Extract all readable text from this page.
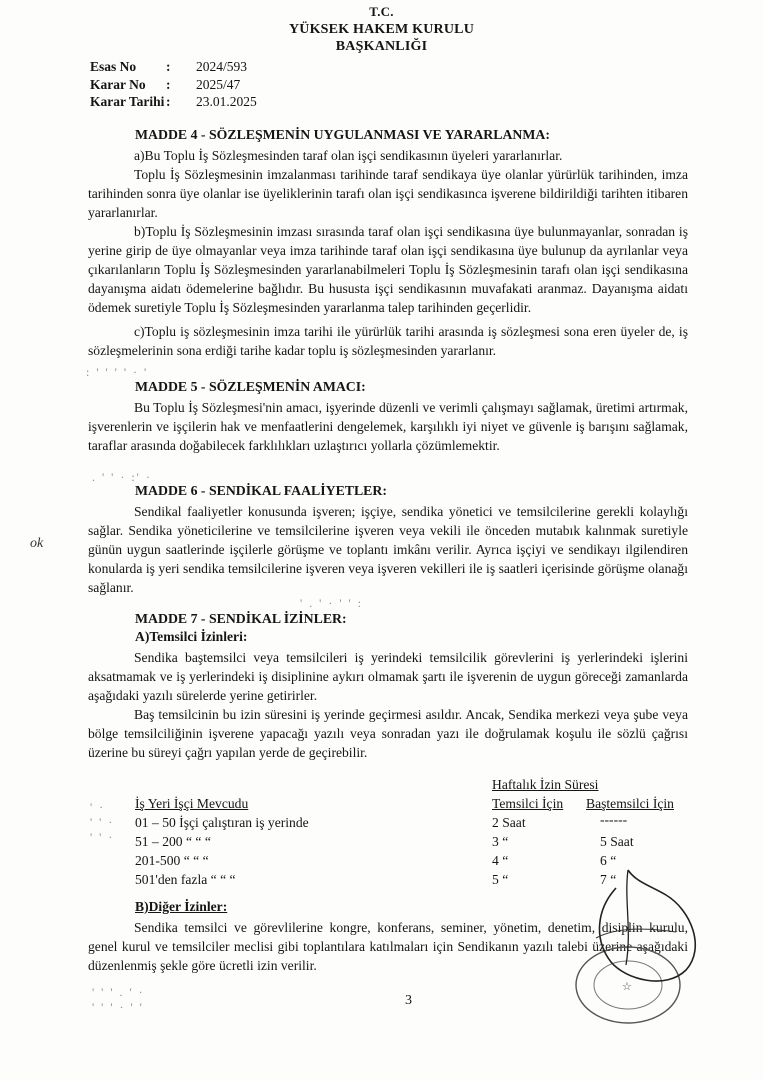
T.C.
YÜKSEK HAKEM KURULU
BAŞKANLIĞI
Esas No : 2024/593
Karar No : 2025/47
Karar Tarihi : 23.01.2025
MADDE 4 - SÖZLEŞMENİN UYGULANMASI VE YARARLANMA:
a)Bu Toplu İş Sözleşmesinden taraf olan işçi sendikasının üyeleri yararlanırlar.
Toplu İş Sözleşmesinin imzalanması tarihinde taraf sendikaya üye olanlar yürürlük tarihinden, imza tarihinden sonra üye olanlar ise üyeliklerinin tarafı olan işçi sendikasınca işverene bildirildiği tarihten itibaren yararlanırlar.
b)Toplu İş Sözleşmesinin imzası sırasında taraf olan işçi sendikasına üye bulunmayanlar, sonradan iş yerine girip de üye olmayanlar veya imza tarihinde taraf olan işçi sendikasına üye bulunup da ayrılanlar veya çıkarılanların Toplu İş Sözleşmesinden yararlanabilmeleri Toplu İş Sözleşmesinin tarafı olan işçi sendikasına dayanışma aidatı ödemelerine bağlıdır. Bu hususta işçi sendikasının muvafakati aranmaz. Dayanışma aidatı ödemek suretiyle Toplu İş Sözleşmesinden yararlanma talep tarihinden geçerlidir.
c)Toplu iş sözleşmesinin imza tarihi ile yürürlük tarihi arasında iş sözleşmesi sona eren üyeler de, iş sözleşmelerinin sona erdiği tarihe kadar toplu iş sözleşmesinden yararlanır.
MADDE 5 - SÖZLEŞMENİN AMACI:
Bu Toplu İş Sözleşmesi'nin amacı, işyerinde düzenli ve verimli çalışmayı sağlamak, üretimi artırmak, işverenlerin ve işçilerin hak ve menfaatlerini dengelemek, karşılıklı iyi niyet ve güvenle iş barışını sağlamak, taraflar arasında doğabilecek farklılıkları uzlaştırıcı yollarla çözümlemektir.
MADDE 6 - SENDİKAL FAALİYETLER:
Sendikal faaliyetler konusunda işveren; işçiye, sendika yönetici ve temsilcilerine gerekli kolaylığı sağlar. Sendika yöneticilerine ve temsilcilerine işveren veya vekili ile önceden mutabık kalınmak suretiyle günün uygun saatlerinde işçilerle görüşme ve toplantı imkânı verilir. Ayrıca işçiyi ve sendikayı ilgilendiren konularda iş yeri sendika temsilcilerine işveren veya işveren vekilleri ile iş saatleri içerisinde görüşme olanağı sağlanır.
MADDE 7 - SENDİKAL İZİNLER:
A)Temsilci İzinleri:
Sendika baştemsilci veya temsilcileri iş yerindeki temsilcilik görevlerini iş yerlerindeki işlerini aksatmamak ve iş yerlerindeki iş disiplinine aykırı olmamak şartı ile işverenin de uygun göreceği zamanlarda aşağıdaki yazılı sürelerde yerine getirirler.
Baş temsilcinin bu izin süresini iş yerinde geçirmesi asıldır. Ancak, Sendika merkezi veya şube veya bölge temsilciliğinin işverene yapacağı yazılı veya sonradan yazı ile doğrulamak koşulu ile sözlü çağrısı üzerine bu süreyi çağrı yapılan yerde de geçirebilir.
Haftalık İzin Süresi
İş Yeri İşçi Mevcudu	Temsilci İçin Baştemsilci İçin
01 – 50 İşçi çalıştıran iş yerinde	2 Saat	------
51 – 200 “ “ “	3 “	5 Saat
201-500 “ “ “	4 “	6 “
501'den fazla “ “ “	5 “	7 “
B)Diğer İzinler:
Sendika temsilci ve görevlilerine kongre, konferans, seminer, yönetim, denetim, disiplin kurulu, genel kurul ve temsilciler meclisi gibi toplantılara katılmaları için Sendikanın yazılı talebi üzerine aşağıdaki düzenlenmiş şekle göre ücretli izin verilir.
: ' ' ' ' · '
. ' ' · :' ·
' . ' · ' ' :
' ·
' ' ·
' ' ·
' ' ' . ' ·
' ' ' · ' '
ok
☆
3
